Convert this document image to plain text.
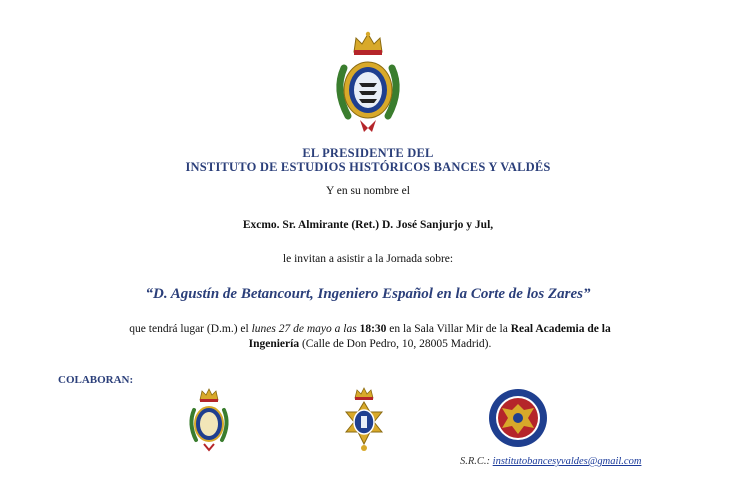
EL PRESIDENTE DEL
INSTITUTO DE ESTUDIOS HISTÓRICOS BANCES Y VALDÉS
Y en su nombre el
Excmo. Sr. Almirante (Ret.) D. José Sanjurjo y Jul,
le invitan a asistir a la Jornada sobre:
“D. Agustín de Betancourt, Ingeniero Español en la Corte de los Zares”
que tendrá lugar (D.m.) el lunes 27 de mayo a las 18:30 en la Sala Villar Mir de la Real Academia de la
Ingeniería (Calle de Don Pedro, 10, 28005 Madrid).
COLABORAN:
S.R.C.: institutobancesyvaldes@gmail.com
